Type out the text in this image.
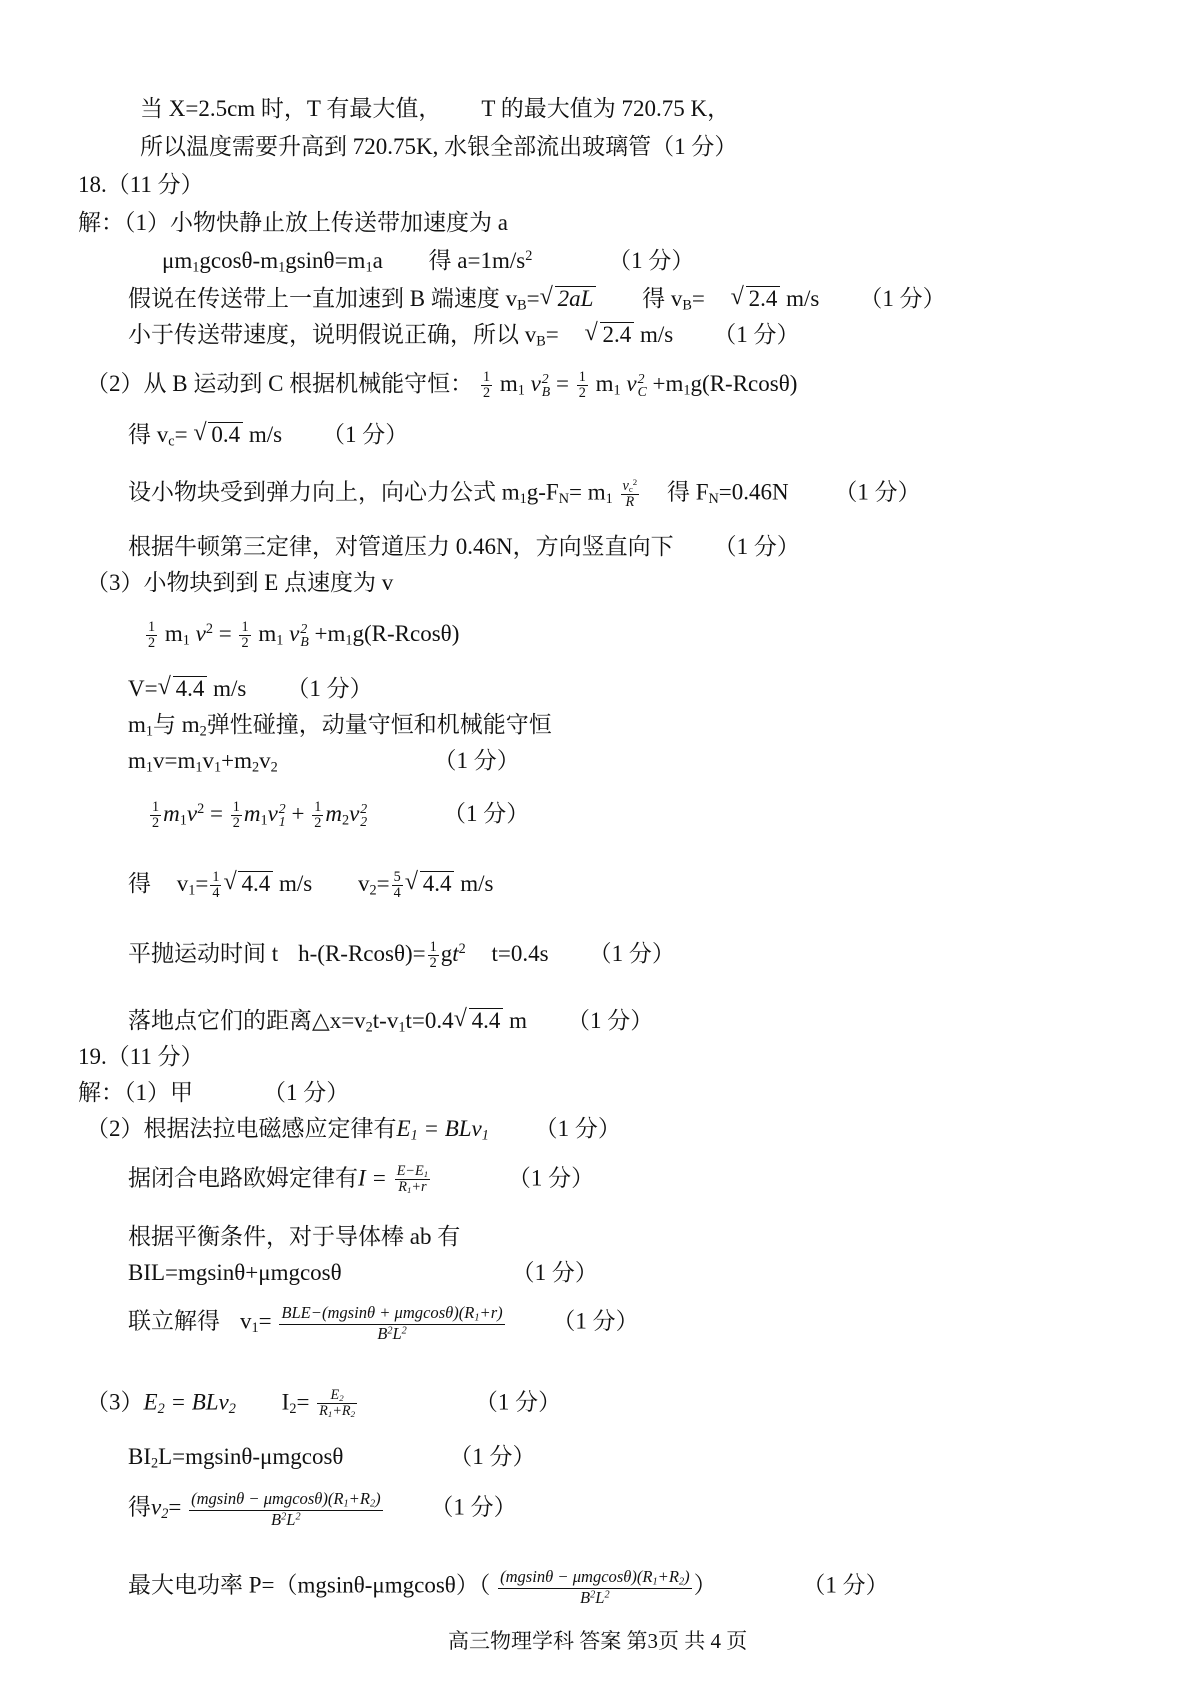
当 X=2.5cm 时，T 有最大值， T 的最大值为 720.75 K，
所以温度需要升高到 720.75K, 水银全部流出玻璃管（1 分）
18.（11 分）
解：（1）小物快静止放上传送带加速度为 a
$\mu m_1gcos\theta-m_1gsin\theta=m_1a$ 得 $a=1m/s^2$	（1 分）
假说在传送带上一直加速到 B 端速度 $v_B=√$ 2aL 得 $v_B=$ √ 2.4 m/s （1 分）
小于传送带速度，说明假说正确，所以 $v_B=$ √ 2.4 m/s （1 分）
（2）从 B 运动到 C 根据机械能守恒： $\frac{1}{2} m_1$ v 2
$B = \frac{1}{2} m_1$ v 2
$C +m_1g(R-Rcos\theta)$
得 $v_c=$ √ 0.4 m/s （1 分）
设小物块受到弹力向上，向心力公式 $m_1g-F_N= m_1 \frac{v_c^2}{R}$ 得 $F_N=0.46N$ （1 分）
根据牛顿第三定律，对管道压力 0.46N，方向竖直向下 （1 分）
（3）小物块到到 E 点速度为 v
$\frac{1}{2} m_1$ $v^2 = \frac{1}{2} m_1$ v 2
$B +m_1g(R-Rcos\theta)$
V=√ 4.4 m/s （1 分）
$m_1$与 $m_2$弹性碰撞，动量守恒和机械能守恒
$m_1v=m_1v_1+m_2v_2$	（1 分）
$\frac{1}{2} m_1v^2 = \frac{1}{2} m_1v$ 2
$1 + \frac{1}{2} m_2v$ 2
2	（1 分）
得 $v_1= \frac{1}{4}$
√ 4.4 m/s $v_2= \frac{5}{4}$
√ 4.4 m/s
平抛运动时间 t $h-(R-Rcos\theta)= \frac{1}{2} gt^2$ t=0.4s （1 分）
落地点它们的距离$\triangle x=v_2t-v_1t=0.4√$ 4.4 m （1 分）
19.（11 分）
解：（1）甲	（1 分）
（2）根据法拉电磁感应定律有$E_1 = BLv_1$ （1 分）
据闭合电路欧姆定律有$I = \frac{E-E_1}{R_1+r}$	（1 分）
根据平衡条件，对于导体棒 ab 有
BIL=mgsinθ+μmgcosθ	（1 分）
联立解得 $v_1= \frac{BLE-(mgsin\theta + \mu mgcos\theta)(R_1+r)}{B^2L^2} (1$ 分）
$(3)E_2 = BLv_2$ $I_2= \frac{E_2}{R_1+R_2}$	（1 分）
$BI_2L=mgsin\theta$-μmgcosθ	（1 分）
得$v_2= \frac{(mgsin\theta - \mu mgcos\theta)(R_1+R_2)}{B^2L^2} (1$ 分）
最大电功率 $P=(mgsin\theta-\mu mgcos\theta)( \frac{(mgsin\theta - \mu mgcos\theta)(R_1+R_2)}{B^2L^2}$ ）	（1 分）
高三物理学科 答案 第3页 共 4 页
